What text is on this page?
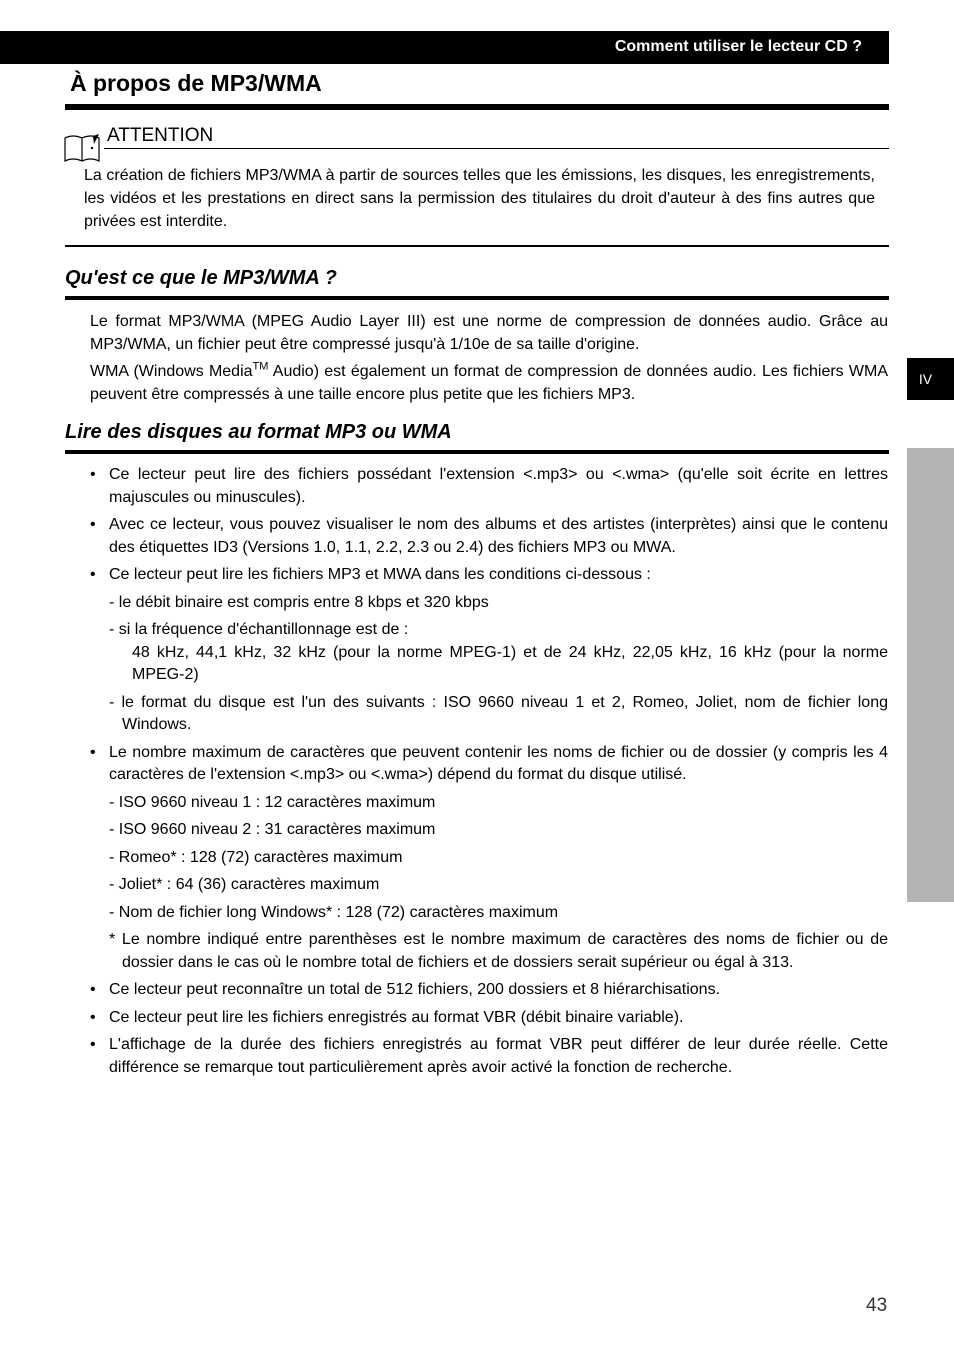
Comment utiliser le lecteur CD ?
À propos de MP3/WMA
ATTENTION

La création de fichiers MP3/WMA à partir de sources telles que les émissions, les disques, les enregistrements, les vidéos et les prestations en direct sans la permission des titulaires du droit d'auteur à des fins autres que privées est interdite.

Qu'est ce que le MP3/WMA ?

Le format MP3/WMA (MPEG Audio Layer III) est une norme de compression de données audio. Grâce au MP3/WMA, un fichier peut être compressé jusqu'à 1/10e de sa taille d'origine.

WMA (Windows Media™ Audio) est également un format de compression de données audio. Les fichiers WMA peuvent être compressés à une taille encore plus petite que les fichiers MP3.

Lire des disques au format MP3 ou WMA
• Ce lecteur peut lire des fichiers possédant l'extension <.mp3> ou <.wma> (qu'elle soit écrite en lettres majuscules ou minuscules).
• Avec ce lecteur, vous pouvez visualiser le nom des albums et des artistes (interprètes) ainsi que le contenu des étiquettes ID3 (Versions 1.0, 1.1, 2.2, 2.3 ou 2.4) des fichiers MP3 ou MWA.
• Ce lecteur peut lire les fichiers MP3 et MWA dans les conditions ci-dessous :
- le débit binaire est compris entre 8 kbps et 320 kbps
- si la fréquence d'échantillonnage est de :
48 kHz, 44,1 kHz, 32 kHz (pour la norme MPEG-1) et de 24 kHz, 22,05 kHz, 16 kHz (pour la norme MPEG-2)
- le format du disque est l'un des suivants : ISO 9660 niveau 1 et 2, Romeo, Joliet, nom de fichier long Windows.
• Le nombre maximum de caractères que peuvent contenir les noms de fichier ou de dossier (y compris les 4 caractères de l'extension <.mp3> ou <.wma>) dépend du format du disque utilisé.
- ISO 9660 niveau 1 : 12 caractères maximum
- ISO 9660 niveau 2 : 31 caractères maximum
- Romeo* : 128 (72) caractères maximum
- Joliet* : 64 (36) caractères maximum
- Nom de fichier long Windows* : 128 (72) caractères maximum
* Le nombre indiqué entre parenthèses est le nombre maximum de caractères des noms de fichier ou de dossier dans le cas où le nombre total de fichiers et de dossiers serait supérieur ou égal à 313.
• Ce lecteur peut reconnaître un total de 512 fichiers, 200 dossiers et 8 hiérarchisations.
• Ce lecteur peut lire les fichiers enregistrés au format VBR (débit binaire variable).
• L'affichage de la durée des fichiers enregistrés au format VBR peut différer de leur durée réelle. Cette différence se remarque tout particulièrement après avoir activé la fonction de recherche.
IV
43
